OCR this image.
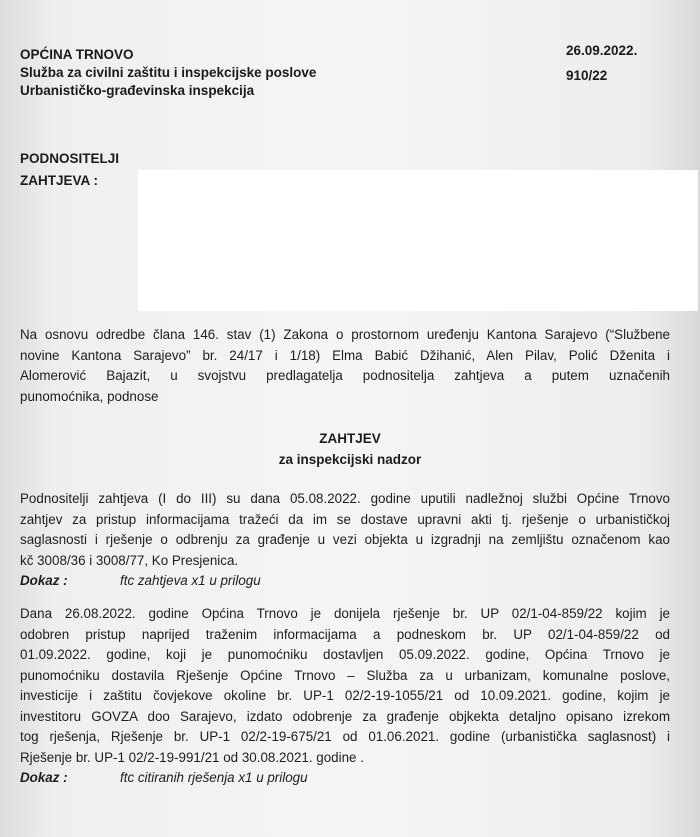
OPĆINA TRNOVO
Služba za civilni zaštitu i inspekcijske poslove
Urbanističko-građevinska inspekcija
26.09.2022.
910/22
PODNOSITELJI
ZAHTJEVA :
Na osnovu odredbe člana 146. stav (1) Zakona o prostornom uređenju Kantona Sarajevo (“Službene
novine Kantona Sarajevo” br. 24/17 i 1/18) Elma Babić Džihanić, Alen Pilav, Polić Dženita i
Alomerović Bajazit, u svojstvu predlagatelja podnositelja zahtjeva a putem uznačenih
punomoćnika, podnose
ZAHTJEV
za inspekcijski nadzor
Podnositelji zahtjeva (I do III) su dana 05.08.2022. godine uputili nadležnoj službi Općine Trnovo
zahtjev za pristup informacijama tražeći da im se dostave upravni akti tj. rješenje o urbanističkoj
saglasnosti i rješenje o odbrenju za građenje u vezi objekta u izgradnji na zemljištu označenom kao
kč 3008/36 i 3008/77, Ko Presjenica.
Dokaz :	ftc zahtjeva x1 u prilogu
Dana 26.08.2022. godine Općina Trnovo je donijela rješenje br. UP 02/1-04-859/22 kojim je
odobren pristup naprijed traženim informacijama a podneskom br. UP 02/1-04-859/22 od
01.09.2022. godine, koji je punomoćniku dostavljen 05.09.2022. godine, Općina Trnovo je
punomoćniku dostavila Rješenje Općine Trnovo – Služba za u urbanizam, komunalne poslove,
investicije i zaštitu čovjekove okoline br. UP-1 02/2-19-1055/21 od 10.09.2021. godine, kojim je
investitoru GOVZA doo Sarajevo, izdato odobrenje za građenje objkekta detaljno opisano izrekom
tog rješenja, Rješenje br. UP-1 02/2-19-675/21 od 01.06.2021. godine (urbanistička saglasnost) i
Rješenje br. UP-1 02/2-19-991/21 od 30.08.2021. godine .
Dokaz :	ftc citiranih rješenja x1 u prilogu
